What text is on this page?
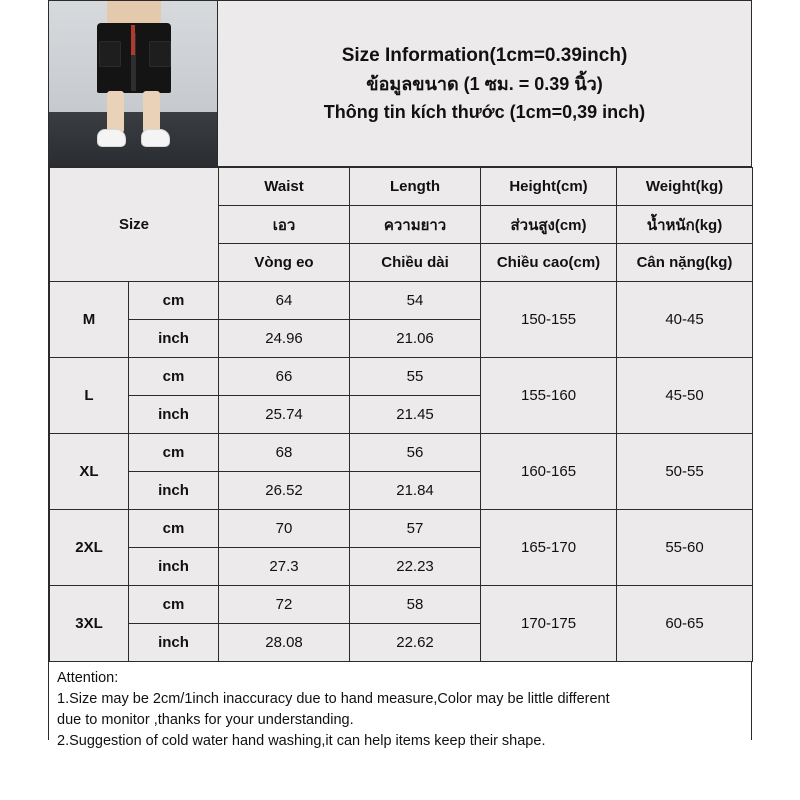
Size Information(1cm=0.39inch)
ข้อมูลขนาด (1 ซม. = 0.39 นิ้ว)
Thông tin kích thước (1cm=0,39 inch)
Size		Waist	Length	Height(cm)	Weight(kg)
		เอว	ความยาว	ส่วนสูง(cm)	น้ำหนัก(kg)
		Vòng eo	Chiều dài	Chiều cao(cm)	Cân nặng(kg)
M	cm	64	54	150-155	40-45
	inch	24.96	21.06		
L	cm	66	55	155-160	45-50
	inch	25.74	21.45		
XL	cm	68	56	160-165	50-55
	inch	26.52	21.84		
2XL	cm	70	57	165-170	55-60
	inch	27.3	22.23		
3XL	cm	72	58	170-175	60-65
	inch	28.08	22.62		
Attention:
1.Size may be 2cm/1inch inaccuracy due to hand measure,Color may be little different
due to monitor ,thanks for your understanding.
2.Suggestion of cold water hand washing,it can help items keep their shape.
